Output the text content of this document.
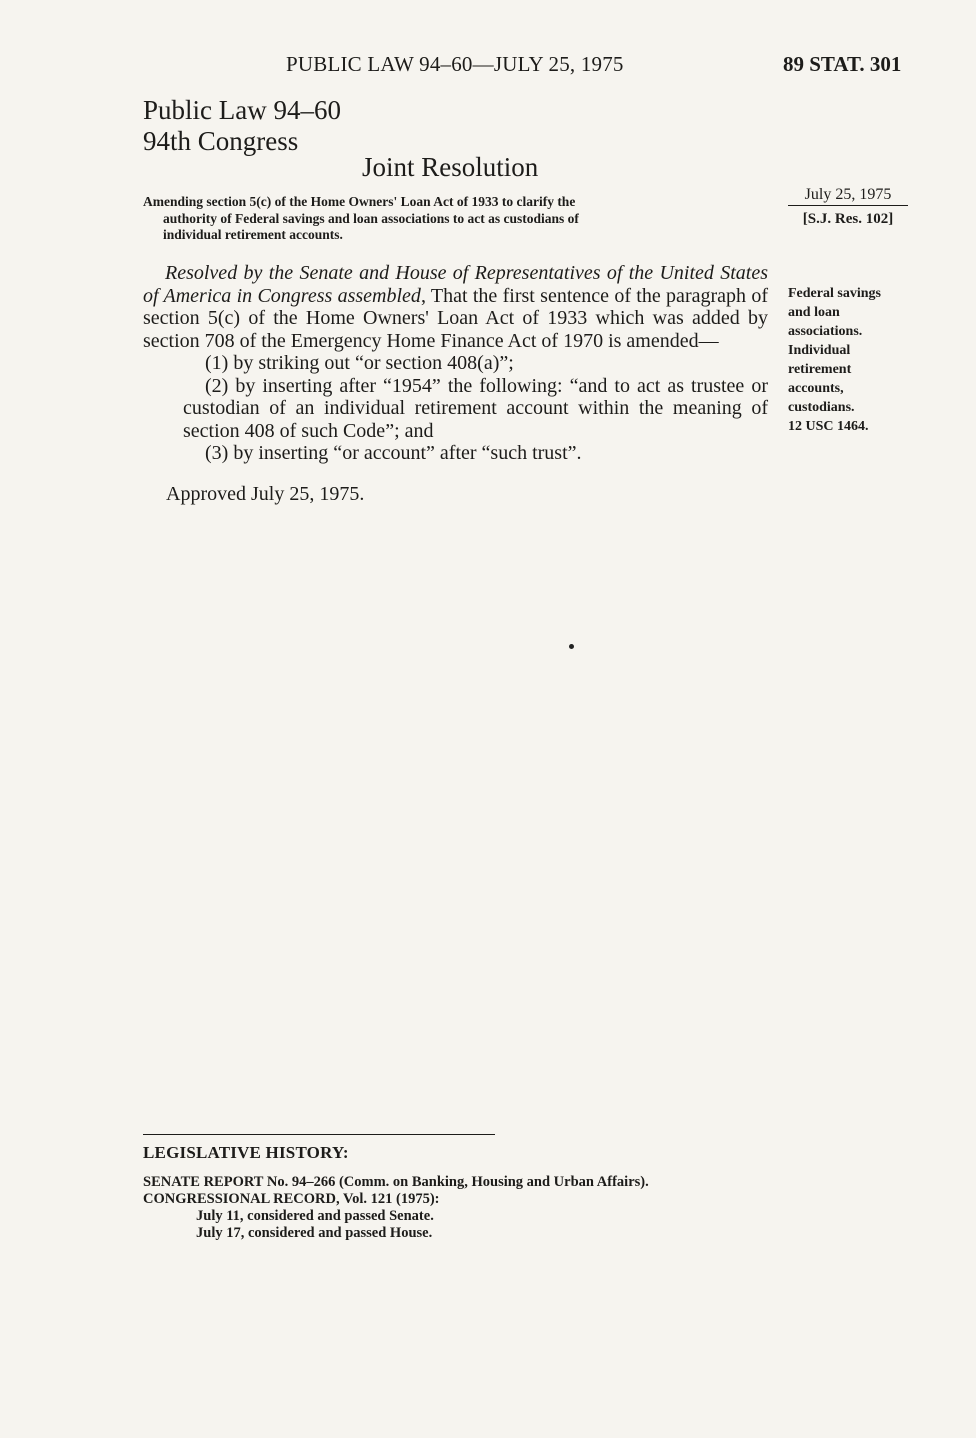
PUBLIC LAW 94–60—JULY 25, 1975	89 STAT. 301
Public Law 94–60
94th Congress
Joint Resolution
Amending section 5(c) of the Home Owners' Loan Act of 1933 to clarify the
authority of Federal savings and loan associations to act as custodians of
individual retirement accounts.
July 25, 1975
[S.J. Res. 102]

Resolved by the Senate and House of Representatives of the United States of America in Congress assembled, That the first sentence of the paragraph of section 5(c) of the Home Owners' Loan Act of 1933 which was added by section 708 of the Emergency Home Finance Act of 1970 is amended—

(1) by striking out “or section 408(a)”;

(2) by inserting after “1954” the following: “and to act as trustee or custodian of an individual retirement account within the meaning of section 408 of such Code”; and

(3) by inserting “or account” after “such trust”.

Approved July 25, 1975.
Federal savings
and loan
associations.
Individual
retirement
accounts,
custodians.
12 USC 1464.
LEGISLATIVE HISTORY:
SENATE REPORT No. 94–266 (Comm. on Banking, Housing and Urban Affairs).
CONGRESSIONAL RECORD, Vol. 121 (1975):
July 11, considered and passed Senate.
July 17, considered and passed House.
